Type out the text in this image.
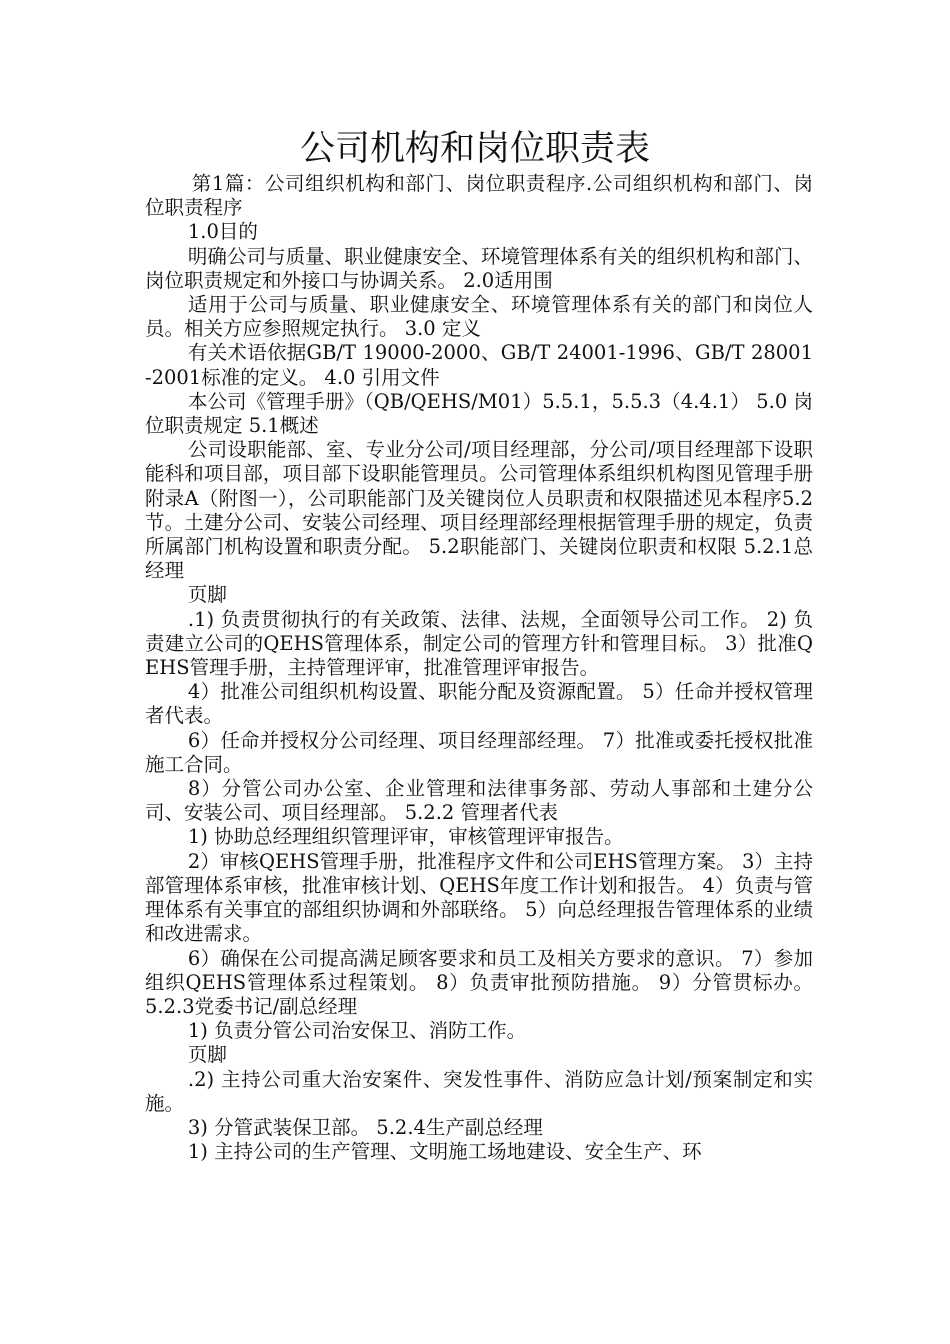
公司机构和岗位职责表

第1篇：公司组织机构和部门、岗位职责程序.公司组织机构和部门、岗位职责程序

1.0目的

明确公司与质量、职业健康安全、环境管理体系有关的组织机构和部门、岗位职责规定和外接口与协调关系。 2.0适用围

适用于公司与质量、职业健康安全、环境管理体系有关的部门和岗位人员。相关方应参照规定执行。 3.0 定义

有关术语依据GB/T 19000-2000、GB/T 24001-1996、GB/T 28001-2001标准的定义。 4.0 引用文件

本公司《管理手册》（QB/QEHS/M01）5.5.1，5.5.3（4.4.1） 5.0 岗位职责规定 5.1概述

公司设职能部、室、专业分公司/项目经理部，分公司/项目经理部下设职能科和项目部，项目部下设职能管理员。公司管理体系组织机构图见管理手册附录A（附图一），公司职能部门及关键岗位人员职责和权限描述见本程序5.2节。土建分公司、安装公司经理、项目经理部经理根据管理手册的规定，负责所属部门机构设置和职责分配。 5.2职能部门、关键岗位职责和权限 5.2.1总经理

页脚

.1) 负责贯彻执行的有关政策、法律、法规，全面领导公司工作。 2) 负责建立公司的QEHS管理体系，制定公司的管理方针和管理目标。 3）批准QEHS管理手册，主持管理评审，批准管理评审报告。

4）批准公司组织机构设置、职能分配及资源配置。 5）任命并授权管理者代表。

6）任命并授权分公司经理、项目经理部经理。 7）批准或委托授权批准施工合同。

8）分管公司办公室、企业管理和法律事务部、劳动人事部和土建分公司、安装公司、项目经理部。 5.2.2 管理者代表

1) 协助总经理组织管理评审，审核管理评审报告。

2）审核QEHS管理手册，批准程序文件和公司EHS管理方案。 3）主持部管理体系审核，批准审核计划、QEHS年度工作计划和报告。 4）负责与管理体系有关事宜的部组织协调和外部联络。 5）向总经理报告管理体系的业绩和改进需求。

6）确保在公司提高满足顾客要求和员工及相关方要求的意识。 7）参加组织QEHS管理体系过程策划。 8）负责审批预防措施。 9）分管贯标办。 5.2.3党委书记/副总经理

1) 负责分管公司治安保卫、消防工作。

页脚

.2) 主持公司重大治安案件、突发性事件、消防应急计划/预案制定和实施。

3) 分管武装保卫部。 5.2.4生产副总经理

1) 主持公司的生产管理、文明施工场地建设、安全生产、环
